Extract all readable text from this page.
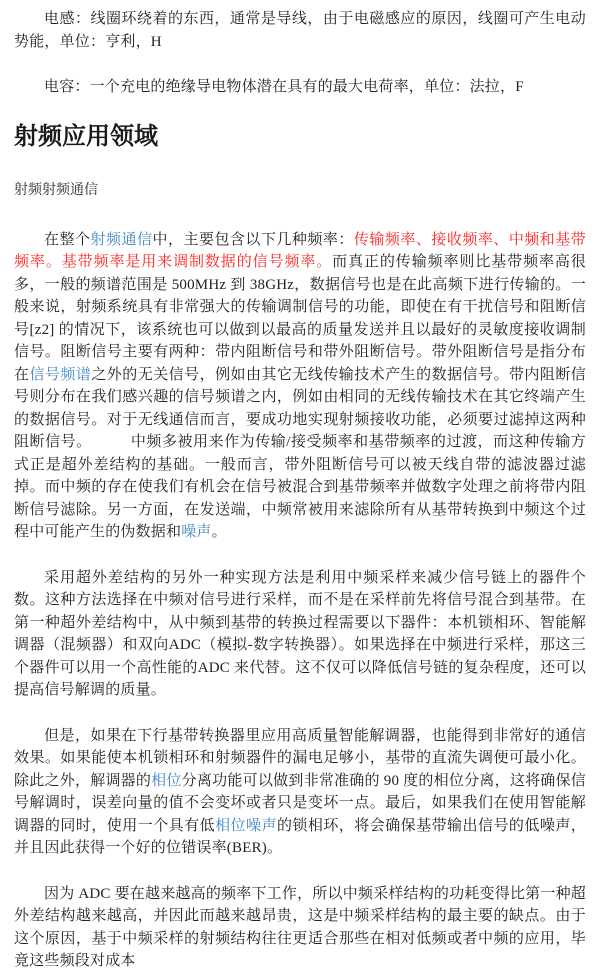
电感：线圈环绕着的东西，通常是导线，由于电磁感应的原因，线圈可产生电动势能，单位：亨利，H

电容：一个充电的绝缘导电物体潜在具有的最大电荷率，单位：法拉，F

射频应用领域
射频射频通信

在整个射频通信中，主要包含以下几种频率：传输频率、接收频率、中频和基带频率。基带频率是用来调制数据的信号频率。而真正的传输频率则比基带频率高很多，一般的频谱范围是 500MHz 到 38GHz，数据信号也是在此高频下进行传输的。一般来说，射频系统具有非常强大的传输调制信号的功能，即使在有干扰信号和阻断信号[z2] 的情况下，该系统也可以做到以最高的质量发送并且以最好的灵敏度接收调制信号。阻断信号主要有两种：带内阻断信号和带外阻断信号。带外阻断信号是指分布在信号频谱之外的无关信号，例如由其它无线传输技术产生的数据信号。带内阻断信号则分布在我们感兴趣的信号频谱之内，例如由相同的无线传输技术在其它终端产生的数据信号。对于无线通信而言，要成功地实现射频接收功能，必须要过滤掉这两种阻断信号。　　　中频多被用来作为传输/接受频率和基带频率的过渡，而这种传输方式正是超外差结构的基础。一般而言，带外阻断信号可以被天线自带的滤波器过滤掉。而中频的存在使我们有机会在信号被混合到基带频率并做数字处理之前将带内阻断信号滤除。另一方面，在发送端，中频常被用来滤除所有从基带转换到中频这个过程中可能产生的伪数据和噪声。

采用超外差结构的另外一种实现方法是利用中频采样来减少信号链上的器件个数。这种方法选择在中频对信号进行采样，而不是在采样前先将信号混合到基带。在第一种超外差结构中，从中频到基带的转换过程需要以下器件：本机锁相环、智能解调器（混频器）和双向ADC（模拟-数字转换器）。如果选择在中频进行采样，那这三个器件可以用一个高性能的ADC 来代替。这不仅可以降低信号链的复杂程度，还可以提高信号解调的质量。

但是，如果在下行基带转换器里应用高质量智能解调器，也能得到非常好的通信效果。如果能使本机锁相环和射频器件的漏电足够小，基带的直流失调便可最小化。除此之外，解调器的相位分离功能可以做到非常准确的 90 度的相位分离，这将确保信号解调时，误差向量的值不会变坏或者只是变坏一点。最后，如果我们在使用智能解调器的同时，使用一个具有低相位噪声的锁相环，将会确保基带输出信号的低噪声，并且因此获得一个好的位错误率(BER)。

因为 ADC 要在越来越高的频率下工作，所以中频采样结构的功耗变得比第一种超外差结构越来越高，并因此而越来越昂贵，这是中频采样结构的最主要的缺点。由于这个原因，基于中频采样的射频结构往往更适合那些在相对低频或者中频的应用，毕竟这些频段对成本
